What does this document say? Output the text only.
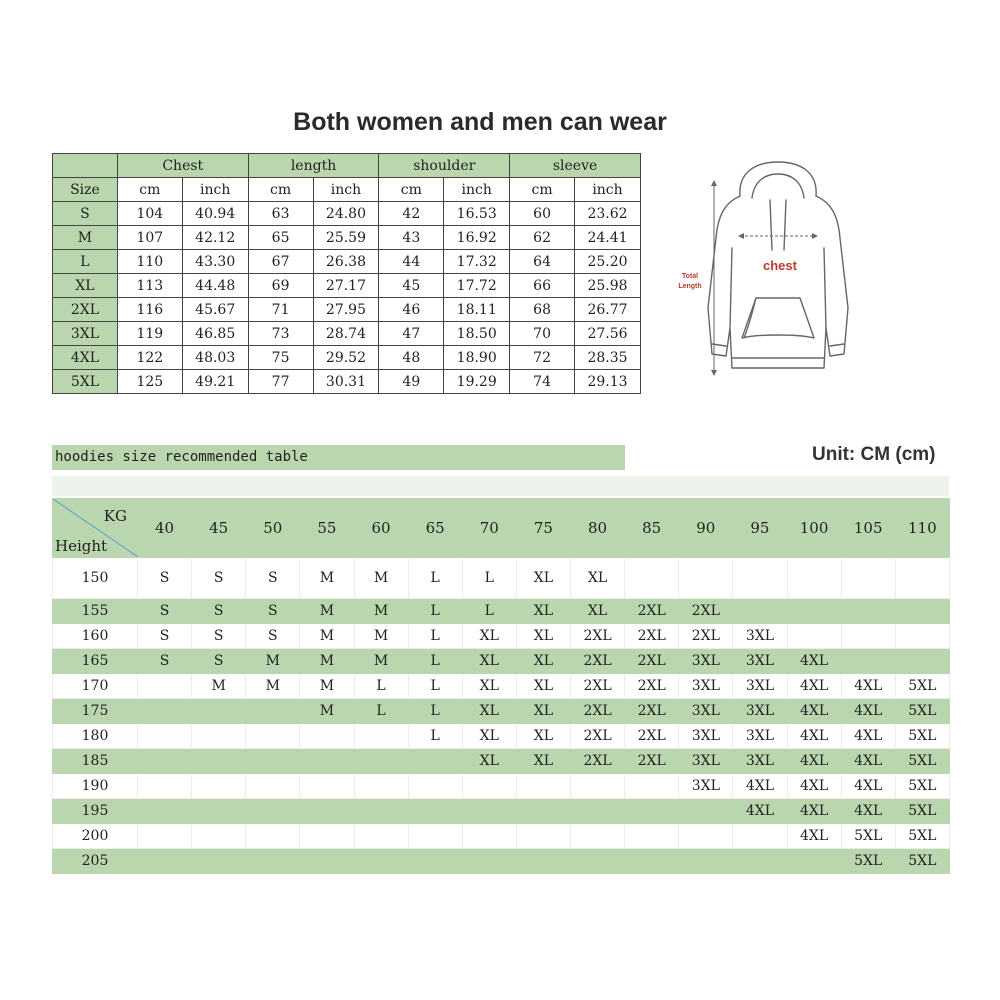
Both women and men can wear
	Chest		length		shoulder		sleeve	
Size	cm	inch	cm	inch	cm	inch	cm	inch
S	104	40.94	63	24.80	42	16.53	60	23.62
M	107	42.12	65	25.59	43	16.92	62	24.41
L	110	43.30	67	26.38	44	17.32	64	25.20
XL	113	44.48	69	27.17	45	17.72	66	25.98
2XL	116	45.67	71	27.95	46	18.11	68	26.77
3XL	119	46.85	73	28.74	47	18.50	70	27.56
4XL	122	48.03	75	29.52	48	18.90	72	28.35
5XL	125	49.21	77	30.31	49	19.29	74	29.13
chest
Total
Length
hoodies size recommended table	Unit: CM (cm)
KG
Height	40	45	50	55	60	65	70	75	80	85	90	95	100	105	110
150	S	S	S	M	M	L	L	XL	XL						
155	S	S	S	M	M	L	L	XL	XL	2XL	2XL				
160	S	S	S	M	M	L	XL	XL	2XL	2XL	2XL	3XL			
165	S	S	M	M	M	L	XL	XL	2XL	2XL	3XL	3XL	4XL		
170		M	M	M	L	L	XL	XL	2XL	2XL	3XL	3XL	4XL	4XL	5XL
175				M	L	L	XL	XL	2XL	2XL	3XL	3XL	4XL	4XL	5XL
180						L	XL	XL	2XL	2XL	3XL	3XL	4XL	4XL	5XL
185							XL	XL	2XL	2XL	3XL	3XL	4XL	4XL	5XL
190											3XL	4XL	4XL	4XL	5XL
195												4XL	4XL	4XL	5XL
200													4XL	5XL	5XL
205														5XL	5XL
